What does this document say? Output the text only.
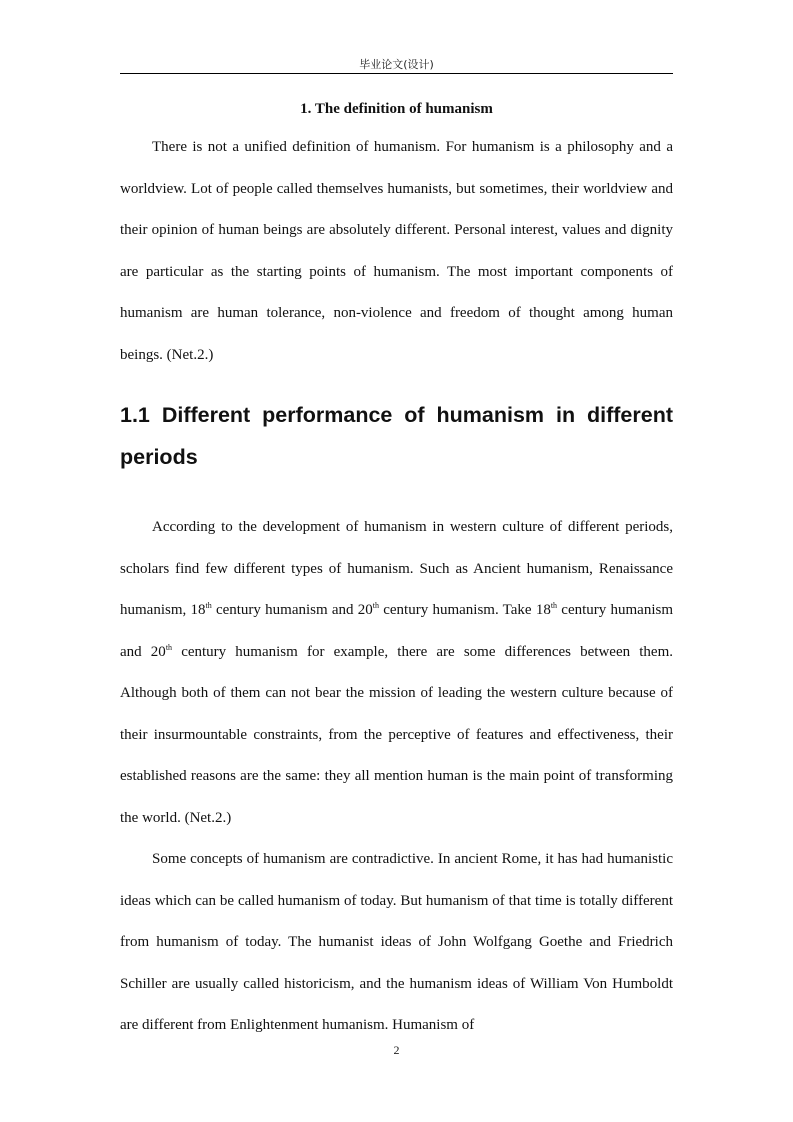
毕业论文(设计)
1. The definition of humanism

There is not a unified definition of humanism. For humanism is a philosophy and a worldview. Lot of people called themselves humanists, but sometimes, their worldview and their opinion of human beings are absolutely different. Personal interest, values and dignity are particular as the starting points of humanism. The most important components of humanism are human tolerance, non-violence and freedom of thought among human beings. (Net.2.)

1.1 Different performance of humanism in different periods

According to the development of humanism in western culture of different periods, scholars find few different types of humanism. Such as Ancient humanism, Renaissance humanism, 18th century humanism and 20th century humanism. Take 18th century humanism and 20th century humanism for example, there are some differences between them. Although both of them can not bear the mission of leading the western culture because of their insurmountable constraints, from the perceptive of features and effectiveness, their established reasons are the same: they all mention human is the main point of transforming the world. (Net.2.)

Some concepts of humanism are contradictive. In ancient Rome, it has had humanistic ideas which can be called humanism of today. But humanism of that time is totally different from humanism of today. The humanist ideas of John Wolfgang Goethe and Friedrich Schiller are usually called historicism, and the humanism ideas of William Von Humboldt are different from Enlightenment humanism. Humanism of

2
